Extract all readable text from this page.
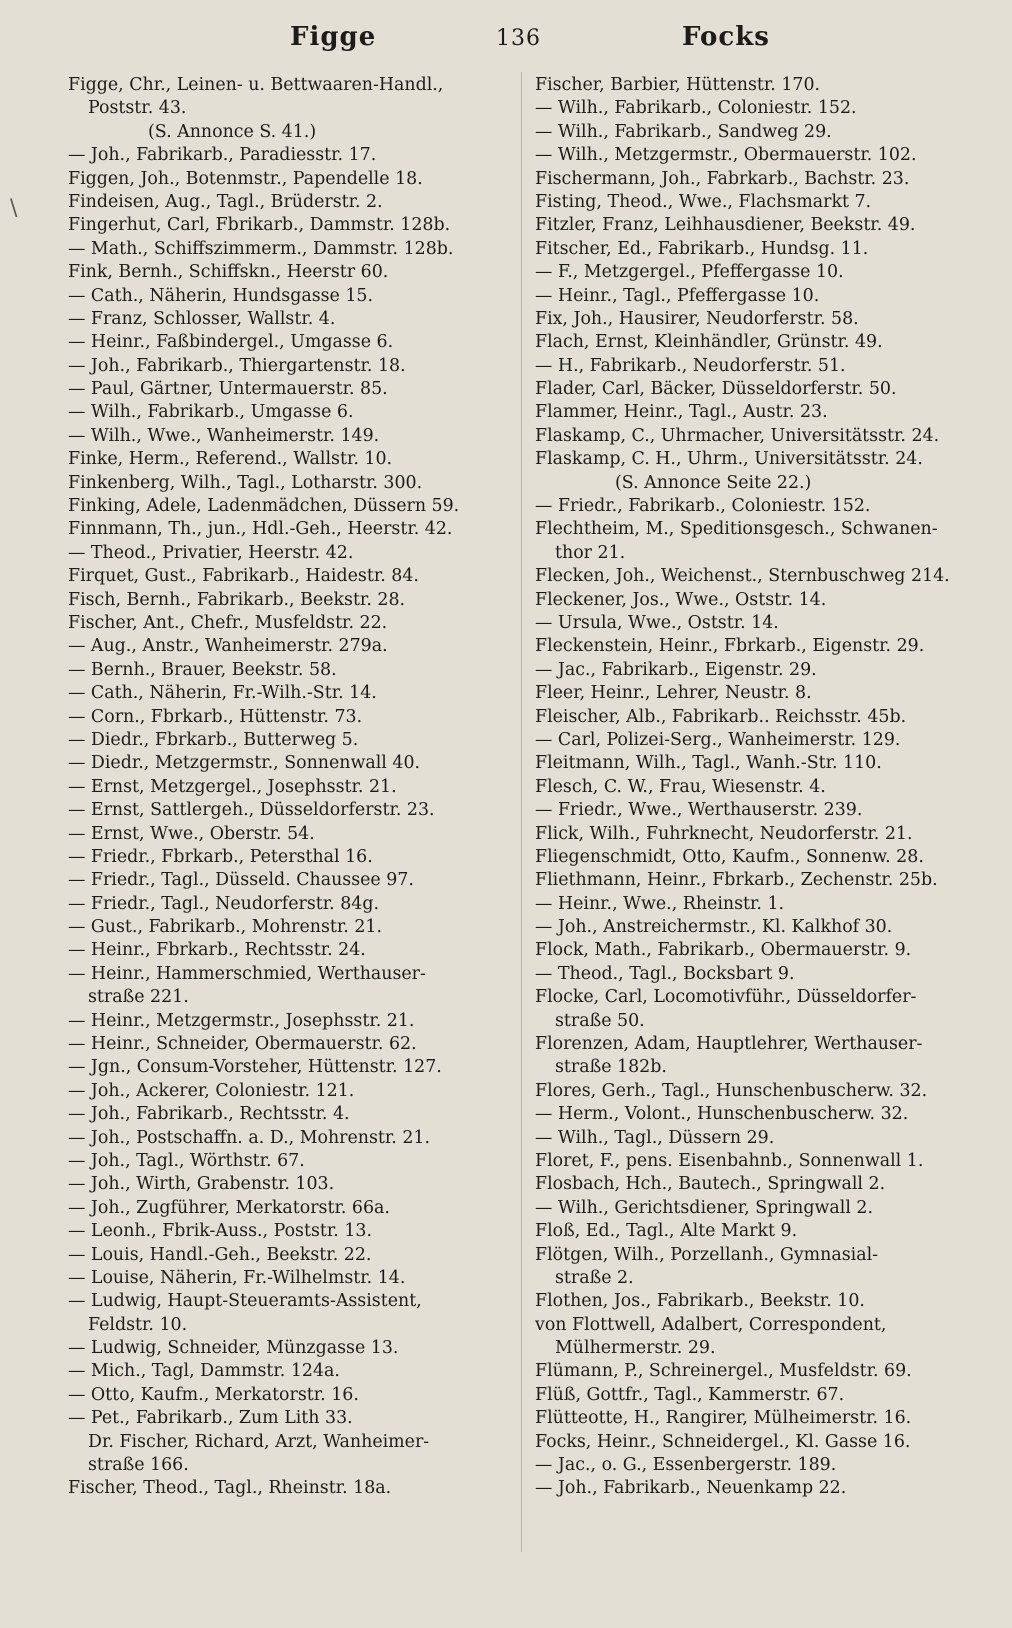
Figge	136	Focks
\
Figge, Chr., Leinen- u. Bettwaaren-Handl.,
Poststr. 43.
(S. Annonce S. 41.)
— Joh., Fabrikarb., Paradiesstr. 17.
Figgen, Joh., Botenmstr., Papendelle 18.
Findeisen, Aug., Tagl., Brüderstr. 2.
Fingerhut, Carl, Fbrikarb., Dammstr. 128b.
— Math., Schiffszimmerm., Dammstr. 128b.
Fink, Bernh., Schiffskn., Heerstr 60.
— Cath., Näherin, Hundsgasse 15.
— Franz, Schlosser, Wallstr. 4.
— Heinr., Faßbindergel., Umgasse 6.
— Joh., Fabrikarb., Thiergartenstr. 18.
— Paul, Gärtner, Untermauerstr. 85.
— Wilh., Fabrikarb., Umgasse 6.
— Wilh., Wwe., Wanheimerstr. 149.
Finke, Herm., Referend., Wallstr. 10.
Finkenberg, Wilh., Tagl., Lotharstr. 300.
Finking, Adele, Ladenmädchen, Düssern 59.
Finnmann, Th., jun., Hdl.-Geh., Heerstr. 42.
— Theod., Privatier, Heerstr. 42.
Firquet, Gust., Fabrikarb., Haidestr. 84.
Fisch, Bernh., Fabrikarb., Beekstr. 28.
Fischer, Ant., Chefr., Musfeldstr. 22.
— Aug., Anstr., Wanheimerstr. 279a.
— Bernh., Brauer, Beekstr. 58.
— Cath., Näherin, Fr.-Wilh.-Str. 14.
— Corn., Fbrkarb., Hüttenstr. 73.
— Diedr., Fbrkarb., Butterweg 5.
— Diedr., Metzgermstr., Sonnenwall 40.
— Ernst, Metzgergel., Josephsstr. 21.
— Ernst, Sattlergeh., Düsseldorferstr. 23.
— Ernst, Wwe., Oberstr. 54.
— Friedr., Fbrkarb., Petersthal 16.
— Friedr., Tagl., Düsseld. Chaussee 97.
— Friedr., Tagl., Neudorferstr. 84g.
— Gust., Fabrikarb., Mohrenstr. 21.
— Heinr., Fbrkarb., Rechtsstr. 24.
— Heinr., Hammerschmied, Werthauser-
straße 221.
— Heinr., Metzgermstr., Josephsstr. 21.
— Heinr., Schneider, Obermauerstr. 62.
— Jgn., Consum-Vorsteher, Hüttenstr. 127.
— Joh., Ackerer, Coloniestr. 121.
— Joh., Fabrikarb., Rechtsstr. 4.
— Joh., Postschaffn. a. D., Mohrenstr. 21.
— Joh., Tagl., Wörthstr. 67.
— Joh., Wirth, Grabenstr. 103.
— Joh., Zugführer, Merkatorstr. 66a.
— Leonh., Fbrik-Auss., Poststr. 13.
— Louis, Handl.-Geh., Beekstr. 22.
— Louise, Näherin, Fr.-Wilhelmstr. 14.
— Ludwig, Haupt-Steueramts-Assistent,
Feldstr. 10.
— Ludwig, Schneider, Münzgasse 13.
— Mich., Tagl, Dammstr. 124a.
— Otto, Kaufm., Merkatorstr. 16.
— Pet., Fabrikarb., Zum Lith 33.
Dr. Fischer, Richard, Arzt, Wanheimer-
straße 166.
Fischer, Theod., Tagl., Rheinstr. 18a.
Fischer, Barbier, Hüttenstr. 170.
— Wilh., Fabrikarb., Coloniestr. 152.
— Wilh., Fabrikarb., Sandweg 29.
— Wilh., Metzgermstr., Obermauerstr. 102.
Fischermann, Joh., Fabrkarb., Bachstr. 23.
Fisting, Theod., Wwe., Flachsmarkt 7.
Fitzler, Franz, Leihhausdiener, Beekstr. 49.
Fitscher, Ed., Fabrikarb., Hundsg. 11.
— F., Metzgergel., Pfeffergasse 10.
— Heinr., Tagl., Pfeffergasse 10.
Fix, Joh., Hausirer, Neudorferstr. 58.
Flach, Ernst, Kleinhändler, Grünstr. 49.
— H., Fabrikarb., Neudorferstr. 51.
Flader, Carl, Bäcker, Düsseldorferstr. 50.
Flammer, Heinr., Tagl., Austr. 23.
Flaskamp, C., Uhrmacher, Universitätsstr. 24.
Flaskamp, C. H., Uhrm., Universitätsstr. 24.
(S. Annonce Seite 22.)
— Friedr., Fabrikarb., Coloniestr. 152.
Flechtheim, M., Speditionsgesch., Schwanen-
thor 21.
Flecken, Joh., Weichenst., Sternbuschweg 214.
Fleckener, Jos., Wwe., Oststr. 14.
— Ursula, Wwe., Oststr. 14.
Fleckenstein, Heinr., Fbrkarb., Eigenstr. 29.
— Jac., Fabrikarb., Eigenstr. 29.
Fleer, Heinr., Lehrer, Neustr. 8.
Fleischer, Alb., Fabrikarb.. Reichsstr. 45b.
— Carl, Polizei-Serg., Wanheimerstr. 129.
Fleitmann, Wilh., Tagl., Wanh.-Str. 110.
Flesch, C. W., Frau, Wiesenstr. 4.
— Friedr., Wwe., Werthauserstr. 239.
Flick, Wilh., Fuhrknecht, Neudorferstr. 21.
Fliegenschmidt, Otto, Kaufm., Sonnenw. 28.
Fliethmann, Heinr., Fbrkarb., Zechenstr. 25b.
— Heinr., Wwe., Rheinstr. 1.
— Joh., Anstreichermstr., Kl. Kalkhof 30.
Flock, Math., Fabrikarb., Obermauerstr. 9.
— Theod., Tagl., Bocksbart 9.
Flocke, Carl, Locomotivführ., Düsseldorfer-
straße 50.
Florenzen, Adam, Hauptlehrer, Werthauser-
straße 182b.
Flores, Gerh., Tagl., Hunschenbuscherw. 32.
— Herm., Volont., Hunschenbuscherw. 32.
— Wilh., Tagl., Düssern 29.
Floret, F., pens. Eisenbahnb., Sonnenwall 1.
Flosbach, Hch., Bautech., Springwall 2.
— Wilh., Gerichtsdiener, Springwall 2.
Floß, Ed., Tagl., Alte Markt 9.
Flötgen, Wilh., Porzellanh., Gymnasial-
straße 2.
Flothen, Jos., Fabrikarb., Beekstr. 10.
von Flottwell, Adalbert, Correspondent,
Mülhermerstr. 29.
Flümann, P., Schreinergel., Musfeldstr. 69.
Flüß, Gottfr., Tagl., Kammerstr. 67.
Flütteotte, H., Rangirer, Mülheimerstr. 16.
Focks, Heinr., Schneidergel., Kl. Gasse 16.
— Jac., o. G., Essenbergerstr. 189.
— Joh., Fabrikarb., Neuenkamp 22.
